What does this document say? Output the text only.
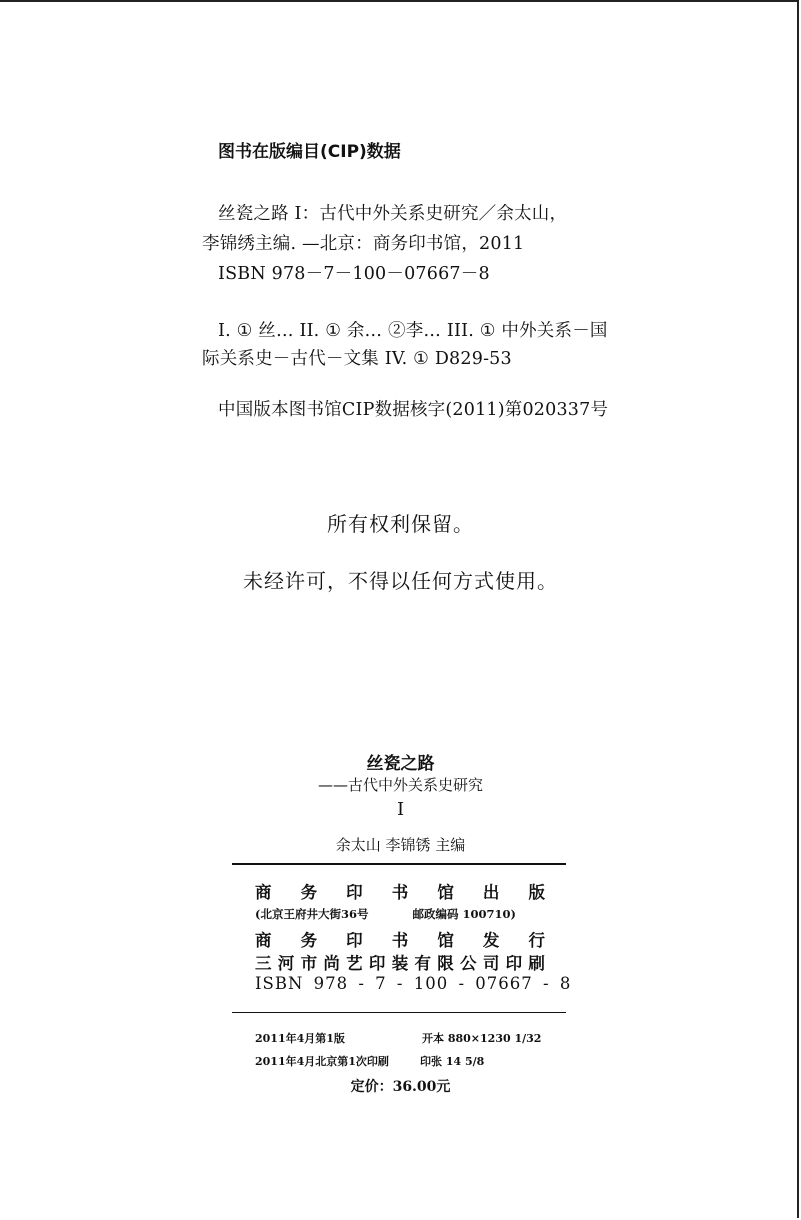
图书在版编目(CIP)数据
丝瓷之路 I：古代中外关系史研究／余太山，
李锦绣主编. —北京：商务印书馆，2011
ISBN 978－7－100－07667－8
I. ① 丝… II. ① 余… ②李… III. ① 中外关系－国
际关系史－古代－文集 IV. ① D829-53
中国版本图书馆CIP数据核字(2011)第020337号
所有权利保留。
未经许可，不得以任何方式使用。
丝瓷之路
——古代中外关系史研究
I
余太山 李锦锈 主编
商 务 印 书 馆 出 版
(北京王府井大街36号	邮政编码 100710)
商 务 印 书 馆 发 行
三 河 市 尚 艺 印 装 有 限 公 司 印 刷
ISBN 978 - 7 - 100 - 07667 - 8
2011年4月第1版	开本 880×1230 1/32
2011年4月北京第1次印刷	印张 14 5/8
定价：36.00元
